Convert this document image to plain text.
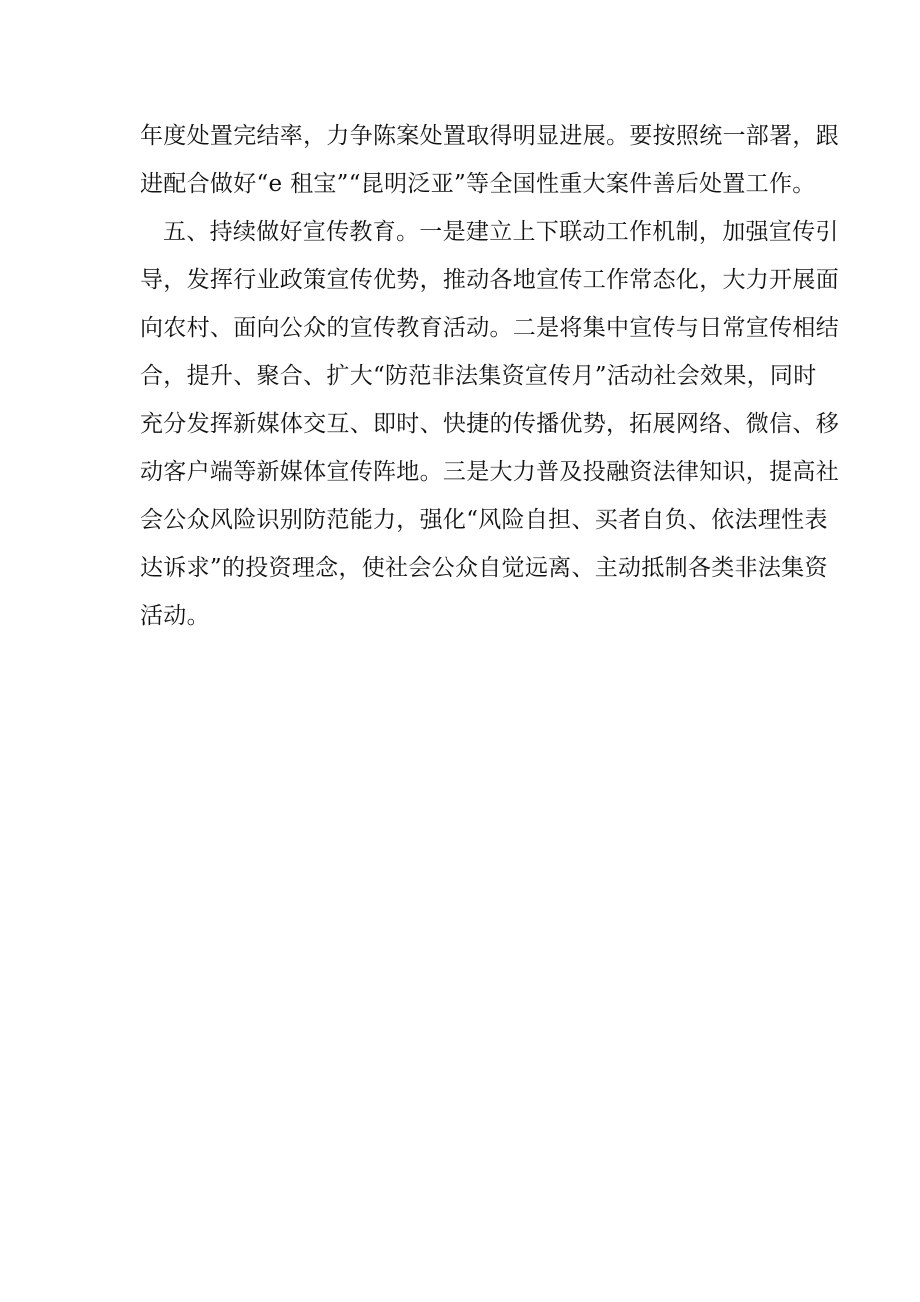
年度处置完结率，力争陈案处置取得明显进展。要按照统一部署，跟
进配合做好“e 租宝”“昆明泛亚”等全国性重大案件善后处置工作。
五、持续做好宣传教育。一是建立上下联动工作机制，加强宣传引
导，发挥行业政策宣传优势，推动各地宣传工作常态化，大力开展面
向农村、面向公众的宣传教育活动。二是将集中宣传与日常宣传相结
合，提升、聚合、扩大“防范非法集资宣传月”活动社会效果，同时
充分发挥新媒体交互、即时、快捷的传播优势，拓展网络、微信、移
动客户端等新媒体宣传阵地。三是大力普及投融资法律知识，提高社
会公众风险识别防范能力，强化“风险自担、买者自负、依法理性表
达诉求”的投资理念，使社会公众自觉远离、主动抵制各类非法集资
活动。
